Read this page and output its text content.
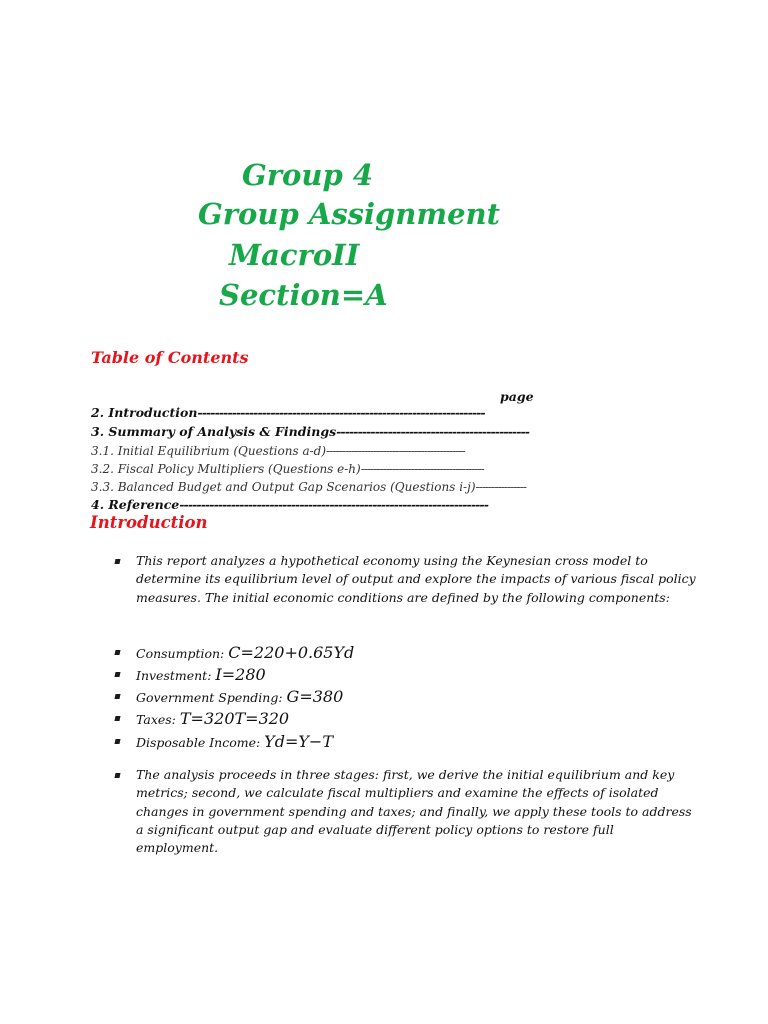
Group 4
Group Assignment
MacroII
Section=A
Table of Contents
page
2. Introduction-------------------------------------------------------------------
3. Summary of Analysis & Findings---------------------------------------------
3.1. Initial Equilibrium (Questions a-d)--------------------------------------------
3.2. Fiscal Policy Multipliers (Questions e-h)---------------------------------------
3.3. Balanced Budget and Output Gap Scenarios (Questions i-j)----------------
4. Reference------------------------------------------------------------------------
Introduction
This report analyzes a hypothetical economy using the Keynesian cross model to determine its equilibrium level of output and explore the impacts of various fiscal policy measures. The initial economic conditions are defined by the following components:
Consumption: C=220+0.65Yd
Investment: I=280
Government Spending: G=380
Taxes: T=320T=320
Disposable Income: Yd=Y−T
The analysis proceeds in three stages: first, we derive the initial equilibrium and key metrics; second, we calculate fiscal multipliers and examine the effects of isolated changes in government spending and taxes; and finally, we apply these tools to address a significant output gap and evaluate different policy options to restore full employment.
